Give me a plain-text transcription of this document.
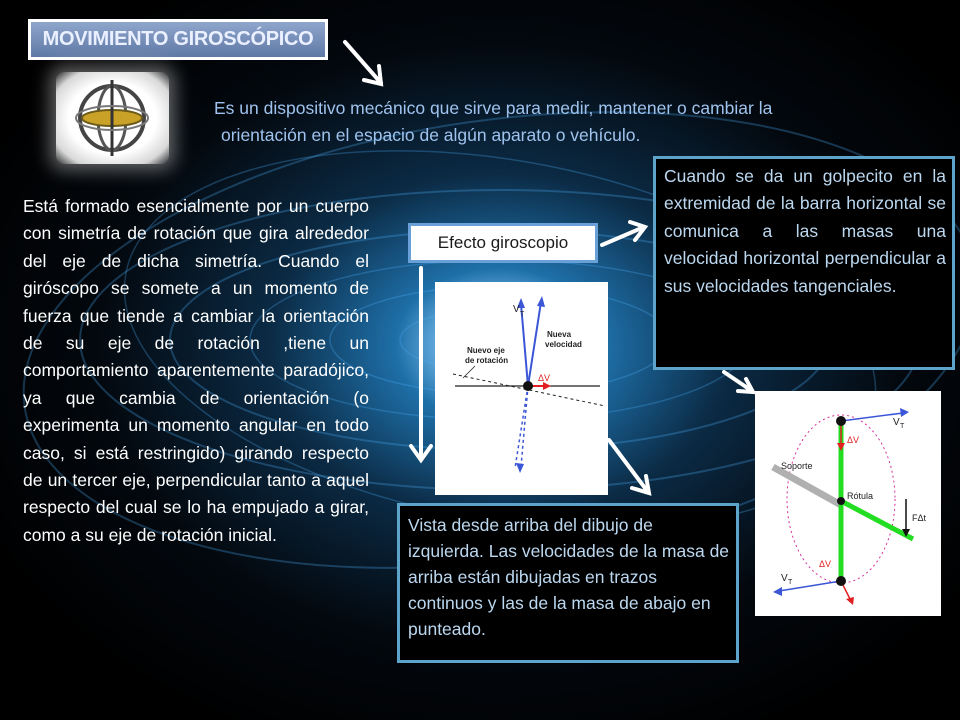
MOVIMIENTO GIROSCÓPICO

Es un dispositivo mecánico que sirve para medir, mantener o cambiar la
orientación en el espacio de algún aparato o vehículo.

Está formado esencialmente por un cuerpo con simetría de rotación que gira alrededor del eje de dicha simetría. Cuando el giróscopo se somete a un momento de fuerza que tiende a cambiar la orientación de su eje de rotación ,tiene un comportamiento aparentemente paradójico, ya que cambia de orientación (o experimenta un momento angular en todo caso, si está restringido) girando respecto de un tercer eje, perpendicular tanto a aquel respecto del cual se lo ha empujado a girar, como a su eje de rotación inicial.

Efecto giroscopio

Cuando se da un golpecito en la extremidad de la barra horizontal se comunica a las masas una velocidad horizontal perpendicular a sus velocidades tangenciales.

Vista desde arriba del dibujo de izquierda. Las velocidades de la masa de arriba están dibujadas en trazos continuos y las de la masa de abajo en punteado.

V T
Nueva
velocidad
Nuevo eje
de rotación
ΔV
V T
ΔV
Soporte
Rótula
FΔt
ΔV
V T
